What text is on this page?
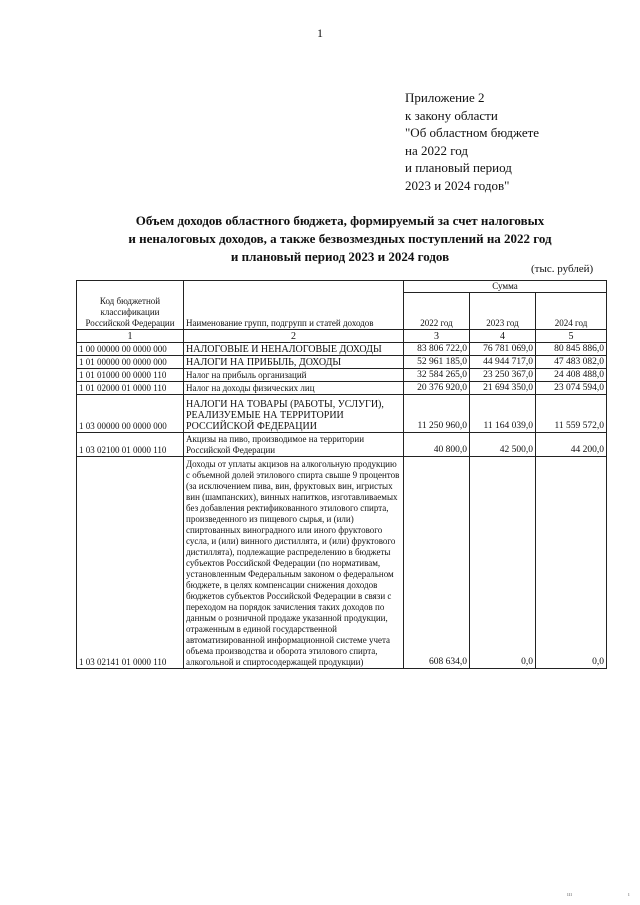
1
Приложение 2
к закону области
"Об областном бюджете
на 2022 год
и плановый период
2023 и 2024 годов"
Объем доходов областного бюджета, формируемый за счет налоговых
и неналоговых доходов, а также безвозмездных поступлений на 2022 год
и плановый период 2023 и 2024 годов
(тыс. рублей)
Код бюджетной классификации Российской Федерации	Наименование групп, подгрупп и статей доходов	Сумма		
		2022 год	2023 год	2024 год
1	2	3	4	5
1 00 00000 00 0000 000	НАЛОГОВЫЕ И НЕНАЛОГОВЫЕ ДОХОДЫ	83 806 722,0	76 781 069,0	80 845 886,0
1 01 00000 00 0000 000	НАЛОГИ НА ПРИБЫЛЬ, ДОХОДЫ	52 961 185,0	44 944 717,0	47 483 082,0
1 01 01000 00 0000 110	Налог на прибыль организаций	32 584 265,0	23 250 367,0	24 408 488,0
1 01 02000 01 0000 110	Налог на доходы физических лиц	20 376 920,0	21 694 350,0	23 074 594,0
1 03 00000 00 0000 000	НАЛОГИ НА ТОВАРЫ (РАБОТЫ, УСЛУГИ), РЕАЛИЗУЕМЫЕ НА ТЕРРИТОРИИ РОССИЙСКОЙ ФЕДЕРАЦИИ	11 250 960,0	11 164 039,0	11 559 572,0
1 03 02100 01 0000 110	Акцизы на пиво, производимое на территории Российской Федерации	40 800,0	42 500,0	44 200,0
1 03 02141 01 0000 110	Доходы от уплаты акцизов на алкогольную продукцию с объемной долей этилового спирта свыше 9 процентов (за исключением пива, вин, фруктовых вин, игристых вин (шампанских), винных напитков, изготавливаемых без добавления ректификованного этилового спирта, произведенного из пищевого сырья, и (или) спиртованных виноградного или иного фруктового сусла, и (или) винного дистиллята, и (или) фруктового дистиллята), подлежащие распределению в бюджеты субъектов Российской Федерации (по нормативам, установленным Федеральным законом о федеральном бюджете, в целях компенсации снижения доходов бюджетов субъектов Российской Федерации в связи с переходом на порядок зачисления таких доходов по данным о розничной продаже указанной продукции, отраженным в единой государственной автоматизированной информационной системе учета объема производства и оборота этилового спирта, алкогольной и спиртосодержащей продукции)	608 634,0	0,0	0,0
ııı	ı
